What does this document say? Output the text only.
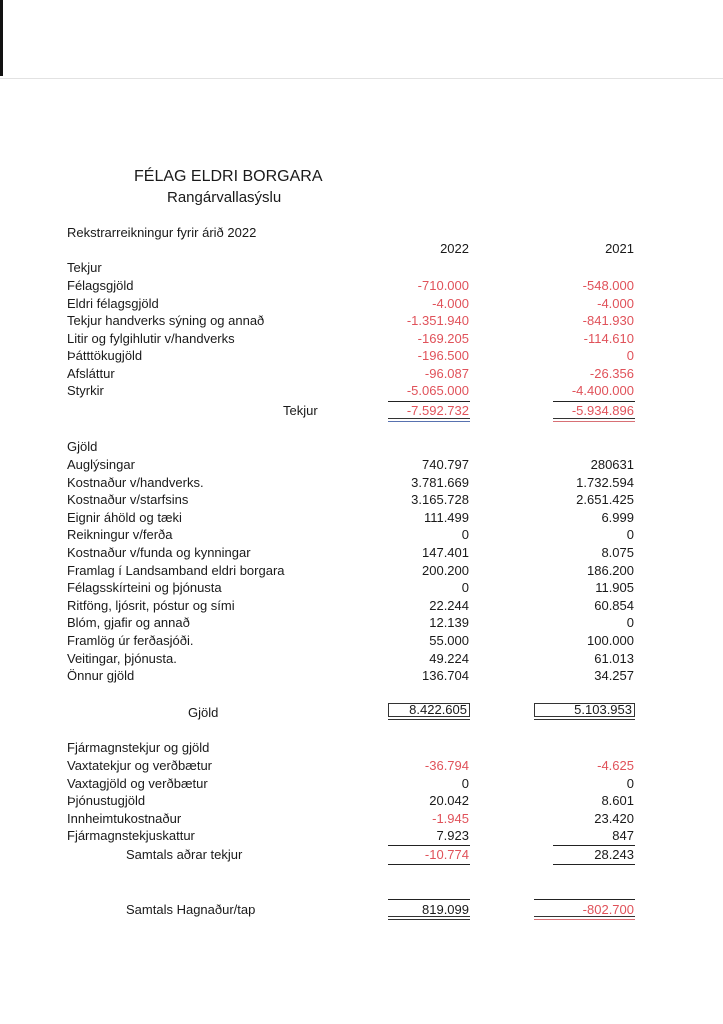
FÉLAG ELDRI BORGARA
Rangárvallasýslu
Rekstrarreikningur fyrir árið 2022
2022	2021
Tekjur
Félagsgjöld	-710.000	-548.000
Eldri félagsgjöld	-4.000	-4.000
Tekjur handverks sýning og annað	-1.351.940	-841.930
Litir og fylgihlutir v/handverks	-169.205	-114.610
Þátttökugjöld	-196.500	0
Afsláttur	-96.087	-26.356
Styrkir	-5.065.000	-4.400.000
Tekjur	-7.592.732	-5.934.896
Gjöld
Auglýsingar	740.797	280631
Kostnaður v/handverks.	3.781.669	1.732.594
Kostnaður v/starfsins	3.165.728	2.651.425
Eignir áhöld og tæki	111.499	6.999
Reikningur v/ferða	0	0
Kostnaður v/funda og kynningar	147.401	8.075
Framlag í Landsamband eldri borgara	200.200	186.200
Félagsskírteini og þjónusta	0	11.905
Ritföng, ljósrit, póstur og sími	22.244	60.854
Blóm, gjafir og annað	12.139	0
Framlög úr ferðasjóði.	55.000	100.000
Veitingar, þjónusta.	49.224	61.013
Önnur gjöld	136.704	34.257
Gjöld	8.422.605	5.103.953
Fjármagnstekjur og gjöld
Vaxtatekjur og verðbætur	-36.794	-4.625
Vaxtagjöld og verðbætur	0	0
Þjónustugjöld	20.042	8.601
Innheimtukostnaður	-1.945	23.420
Fjármagnstekjuskattur	7.923	847
Samtals aðrar tekjur	-10.774	28.243
Samtals Hagnaður/tap	819.099	-802.700
